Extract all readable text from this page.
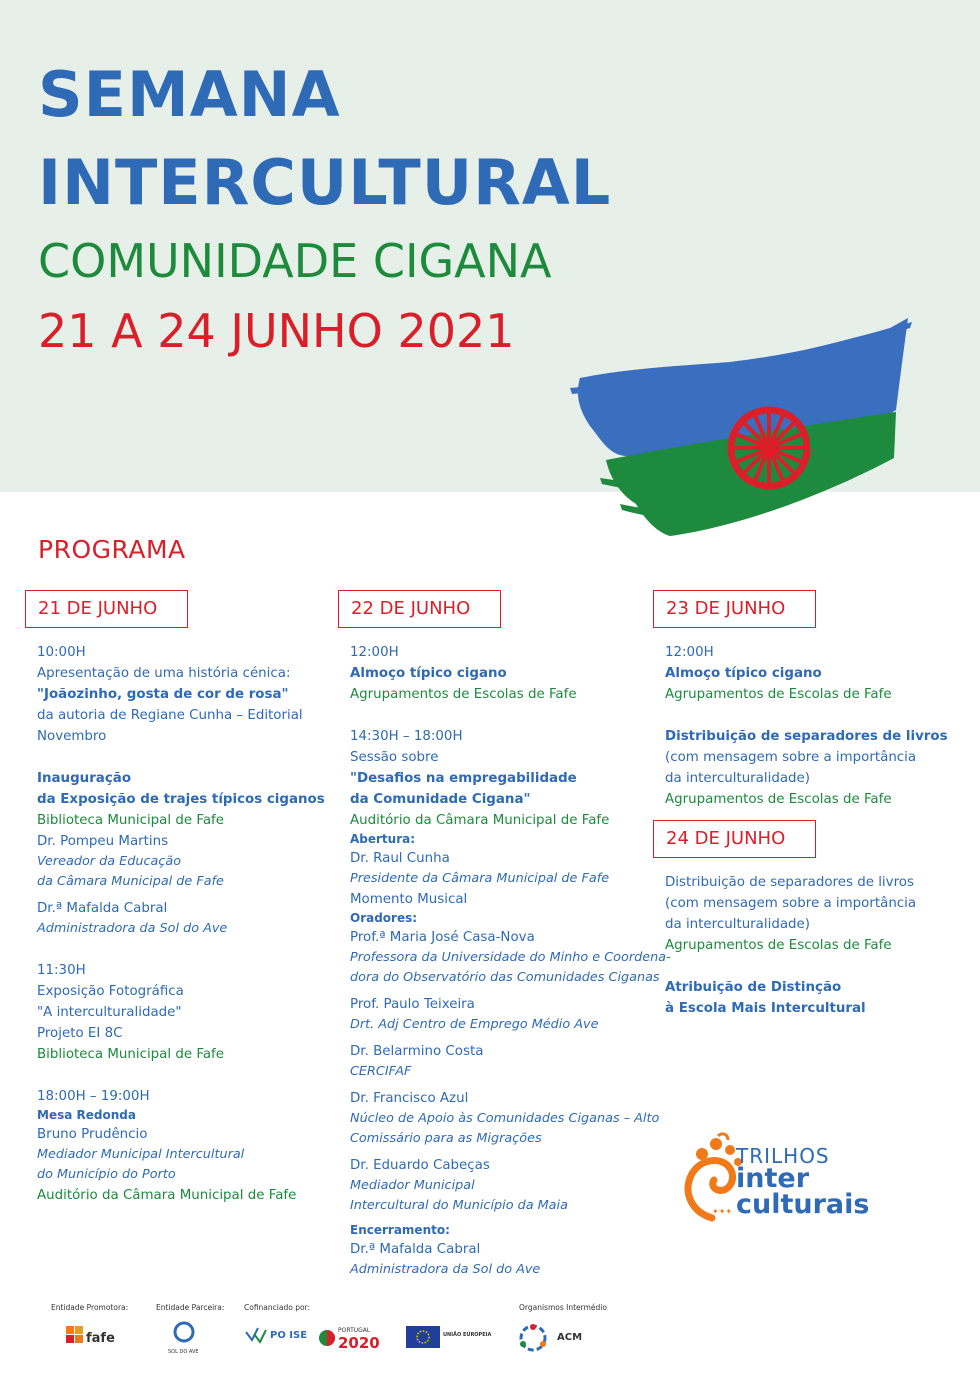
SEMANA
INTERCULTURAL
COMUNIDADE CIGANA
21 A 24 JUNHO 2021
PROGRAMA
21 DE JUNHO
10:00H
Apresentação de uma história cénica:
"Joãozinho, gosta de cor de rosa"
da autoria de Regiane Cunha – Editorial
Novembro
Inauguração
da Exposição de trajes típicos ciganos
Biblioteca Municipal de Fafe
Dr. Pompeu Martins
Vereador da Educação
da Câmara Municipal de Fafe
Dr.ª Mafalda Cabral
Administradora da Sol do Ave
11:30H
Exposição Fotográfica
"A interculturalidade"
Projeto EI 8C
Biblioteca Municipal de Fafe
18:00H – 19:00H
Mesa Redonda
Bruno Prudêncio
Mediador Municipal Intercultural
do Município do Porto
Auditório da Câmara Municipal de Fafe
22 DE JUNHO
12:00H
Almoço típico cigano
Agrupamentos de Escolas de Fafe
14:30H – 18:00H
Sessão sobre
"Desafios na empregabilidade
da Comunidade Cigana"
Auditório da Câmara Municipal de Fafe
Abertura:
Dr. Raul Cunha
Presidente da Câmara Municipal de Fafe
Momento Musical
Oradores:
Prof.ª Maria José Casa-Nova
Professora da Universidade do Minho e Coordena-
dora do Observatório das Comunidades Ciganas
Prof. Paulo Teixeira
Drt. Adj Centro de Emprego Médio Ave
Dr. Belarmino Costa
CERCIFAF
Dr. Francisco Azul
Núcleo de Apoio às Comunidades Ciganas – Alto
Comissário para as Migrações
Dr. Eduardo Cabeças
Mediador Municipal
Intercultural do Município da Maia
Encerramento:
Dr.ª Mafalda Cabral
Administradora da Sol do Ave
23 DE JUNHO
12:00H
Almoço típico cigano
Agrupamentos de Escolas de Fafe
Distribuição de separadores de livros
(com mensagem sobre a importância
da interculturalidade)
Agrupamentos de Escolas de Fafe
24 DE JUNHO
Distribuição de separadores de livros
(com mensagem sobre a importância
da interculturalidade)
Agrupamentos de Escolas de Fafe
Atribuição de Distinção
à Escola Mais Intercultural
✦✦✦
TRILHOS
inter
culturais
Entidade Promotora:	Entidade Parceira:	Cofinanciado por:	Organismos Intermédio
fafe
SOL DO AVE
PO ISE	PORTUGAL
2020	UNIÃO EUROPEIA	ACM
